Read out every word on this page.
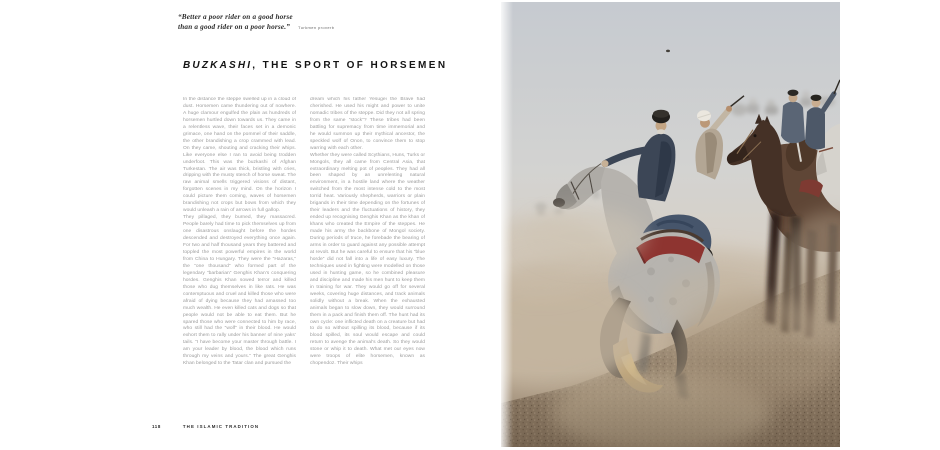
“Better a poor rider on a good horse
than a good rider on a poor horse.” Turkmen proverb
BUZKASHI, THE SPORT OF HORSEMEN

In the distance the steppe swelled up in a cloud of dust. Horsemen came thundering out of nowhere. A huge clamour engulfed the plain as hundreds of horsemen hurtled down towards us. They came in a relentless wave, their faces set in a demonic grimace, one hand on the pommel of their saddle, the other brandishing a crop crammed with lead. On they came, shouting and cracking their whips. Like everyone else I ran to avoid being trodden underfoot. This was the buzkashi of Afghan Turkestan. The air was thick, bristling with cries, dripping with the musty stench of horse sweat. The raw animal smells triggered visions of distant, forgotten scenes in my mind. On the horizon I could picture them coming, waves of horsemen brandishing not crops but bows from which they would unleash a rain of arrows in full gallop.

They pillaged, they burned, they massacred. People barely had time to pick themselves up from one disastrous onslaught before the hordes descended and destroyed everything once again. For two and half thousand years they battered and toppled the most powerful empires in the world from China to Hungary. They were the “Hazaras,” the “one thousand” who formed part of the legendary “barbarian” Genghis Khan’s conquering hordes. Genghis Khan sowed terror and killed those who dug themselves in like rats. He was contemptuous and cruel and killed those who were afraid of dying because they had amassed too much wealth. He even killed cats and dogs so that people would not be able to eat them. But he spared those who were connected to him by race, who still had the “wolf” in their blood. He would exhort them to rally under his banner of nine yaks’ tails. “I have become your master through battle. I am your leader by blood, the blood which runs through my veins and yours.” The great Genghis Khan belonged to the Tatar clan and pursued the

dream which his father Yesugei the Brave had cherished. He used his might and power to unite nomadic tribes of the steppe. Did they not all spring from the same “stock”? These tribes had been battling for supremacy from time immemorial and he would summon up their mythical ancestor, the speckled wolf of Onon, to convince them to stop warring with each other.

Whether they were called Scythians, Huns, Turks or Mongols, they all came from Central Asia, that extraordinary melting pot of peoples. They had all been shaped by an unrelenting natural environment, in a hostile land where the weather switched from the most intense cold to the most torrid heat. Variously shepherds, warriors or plain brigands in their time depending on the fortunes of their leaders and the fluctuations of history, they ended up recognising Genghis Khan as the khan of khans who created the Empire of the steppes. He made his army the backbone of Mongol society. During periods of truce, he forebade the bearing of arms in order to guard against any possible attempt at revolt. But he was careful to ensure that his “blue horde” did not fall into a life of easy luxury. The techniques used in fighting were modelled on those used in hunting game, so he combined pleasure and discipline and made his men hunt to keep them in training for war. They would go off for several weeks, covering huge distances, and track animals solidly without a break. When the exhausted animals began to slow down, they would surround them in a pack and finish them off. The hunt had its own cycle: one inflicted death on a creature but had to do so without spilling its blood, because if its blood spilled, its soul would escape and could return to avenge the animal’s death. So they would stone or whip it to death. What met our eyes now were troops of elite horsemen, known as chopendoz. Their whips

118	THE ISLAMIC TRADITION
